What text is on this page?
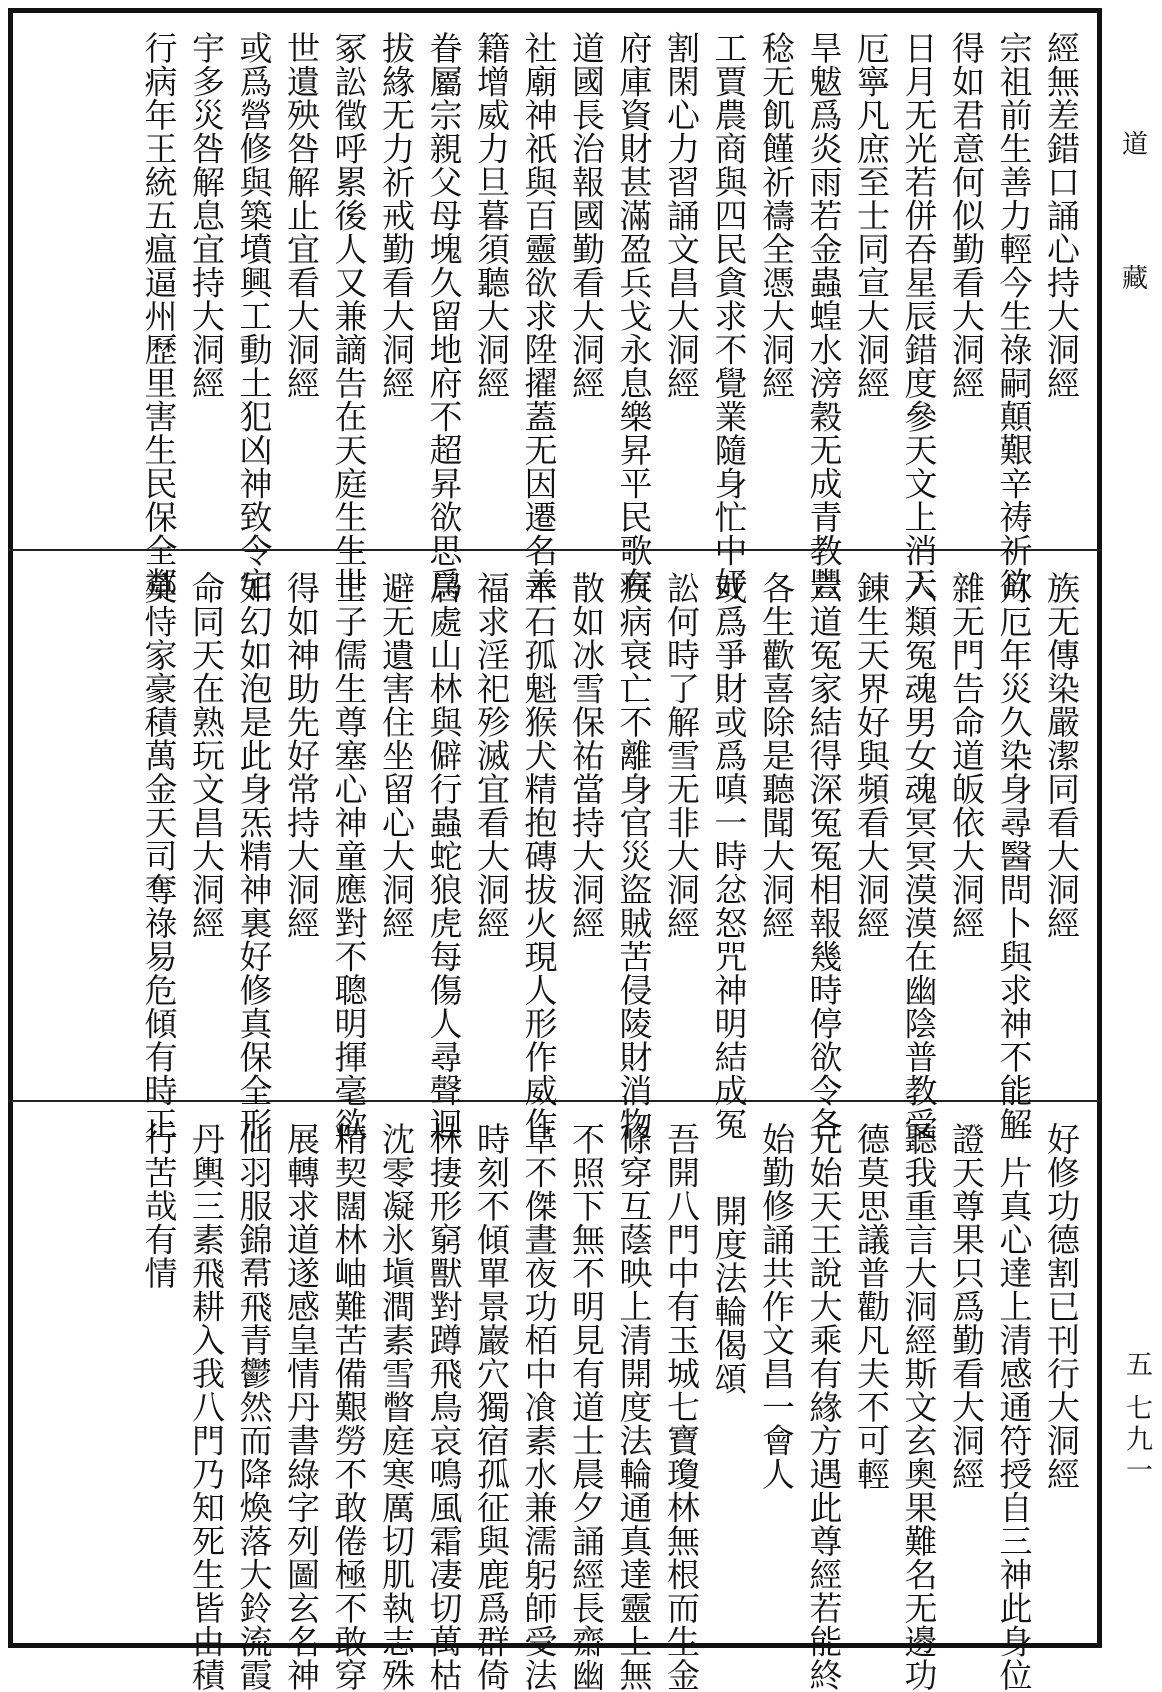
經無差錯口誦心持大洞經
宗祖前生善力輕今生祿嗣顛艱辛祷祈欲
得如君意何似勤看大洞經
日月无光若併吞星辰錯度參天文上消天
厄寧凡庶至士同宣大洞經
旱魃爲炎雨若金蟲蝗水滂穀无成青教豐
稔无飢饉祈禱全憑大洞經
工賈農商與四民貪求不覺業隨身忙中好
割閑心力習誦文昌大洞經
府庫資財甚滿盈兵戈永息樂昇平民歌有
道國長治報國勤看大洞經
社廟神祇與百靈欲求陞擢蓋无因遷名善
籍增威力旦暮須聽大洞經
眷屬宗親父母塊久留地府不超昇欲思爲
拔緣无力祈戒勤看大洞經
冢訟徵呼累後人又兼謫告在天庭生生世
世遺殃咎解止宜看大洞經
或爲營修與築墳興工動土犯凶神致令宅
宇多災咎解息宜持大洞經
行病年王統五瘟逼州歷里害生民保全鄰
族无傳染嚴潔同看大洞經
月厄年災久染身尋醫問卜與求神不能解
雜无門告命道皈依大洞經
六類冤魂男女魂冥冥漠漠在幽陰普教受
錬生天界好與頻看大洞經
六道冤家結得深冤冤相報幾時停欲令各
各生歡喜除是聽聞大洞經
或爲爭財或爲嗔一時忿怒咒神明結成冤
訟何時了解雪无非大洞經
疾病衰亡不離身官災盜賊苦侵陵財消物
散如冰雪保祐當持大洞經
木石孤魁猴犬精抱磚拔火現人形作威作
福求淫祀殄滅宜看大洞經
居處山林與僻行蟲蛇狼虎每傷人尋聲迴
避无遺害住坐留心大洞經
士子儒生尊塞心神童應對不聰明揮毫欲
得如神助先好常持大洞經
如幻如泡是此身炁精神裏好修真保全形
命同天在熟玩文昌大洞經
莫恃家豪積萬金天司奪祿易危傾有時正
好修功德割已刊行大洞經
一片真心達上清感通符授自三神此身位
證天尊果只爲勤看大洞經
聽我重言大洞經斯文玄奧果難名无邊功
德莫思議普勸凡夫不可輕
元始天王說大乘有緣方遇此尊經若能終
始勤修誦共作文昌一會人
開度法輪偈頌
吾開八門中有玉城七寶瓊林無根而生金
條穿互蔭映上清開度法輪通真達靈上無
不照下無不明見有道士晨夕誦經長齋幽
阜不傑晝夜功栢中飡素水兼濡躬師受法
時刻不傾單景巖穴獨宿孤征與鹿爲群倚
林捿形窮獸對蹲飛鳥哀鳴風霜凄切萬枯
沈零凝氷塡澗素雪瞥庭寒厲切肌執志殊
精契闊林岫難苦備艱勞不敢倦極不敢穿
展轉求道遂感皇情丹書綠字列圖玄名神
仙羽服錦帬飛青鬱然而降煥落大鈴流霞
丹輿三素飛耕入我八門乃知死生皆由積
行苦哉有情
道
藏
五 七九一
